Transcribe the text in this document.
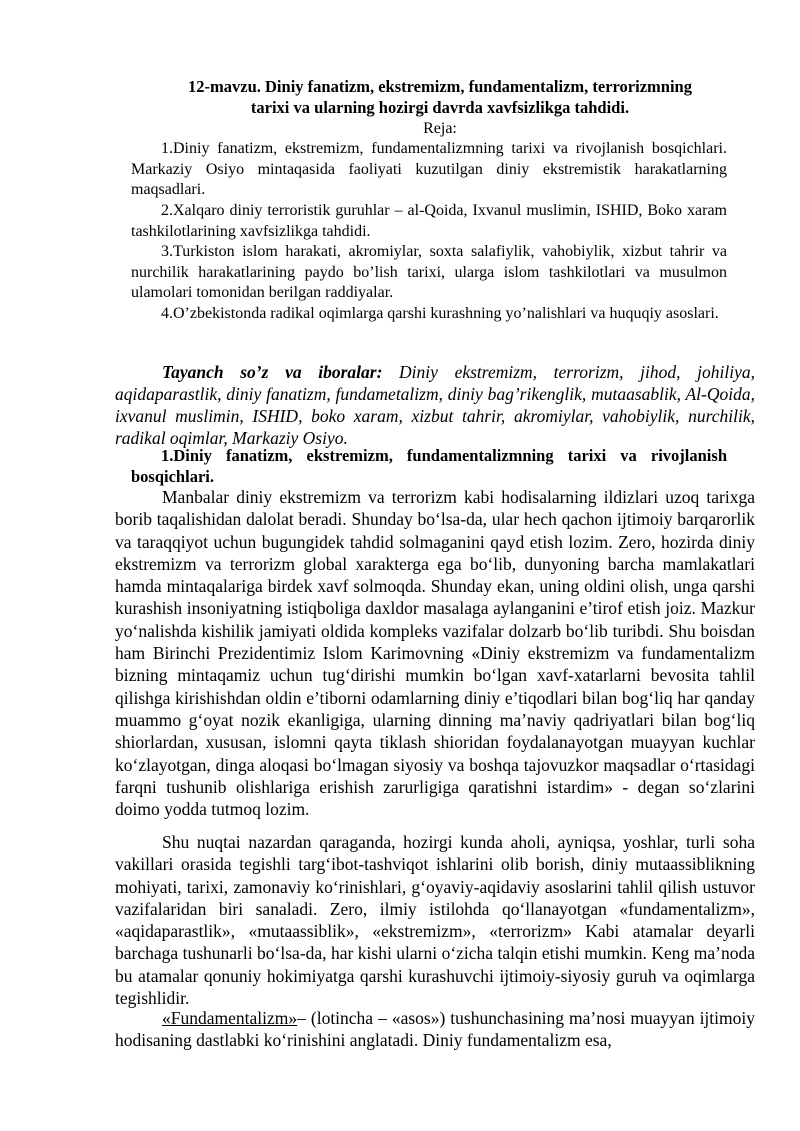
12-mavzu. Diniy fanatizm, ekstremizm, fundamentalizm, terrorizmning
tarixi va ularning hozirgi davrda xavfsizlikga tahdidi.
Reja:

1.Diniy fanatizm, ekstremizm, fundamentalizmning tarixi va rivojlanish bosqichlari. Markaziy Osiyo mintaqasida faoliyati kuzutilgan diniy ekstremistik harakatlarning maqsadlari.

2.Xalqaro diniy terroristik guruhlar – al-Qoida, Ixvanul muslimin, ISHID, Boko xaram tashkilotlarining xavfsizlikga tahdidi.

3.Turkiston islom harakati, akromiylar, soxta salafiylik, vahobiylik, xizbut tahrir va nurchilik harakatlarining paydo bo’lish tarixi, ularga islom tashkilotlari va musulmon ulamolari tomonidan berilgan raddiyalar.

4.O’zbekistonda radikal oqimlarga qarshi kurashning yo’nalishlari va huquqiy asoslari.

Tayanch so’z va iboralar: Diniy ekstremizm, terrorizm, jihod, johiliya, aqidaparastlik, diniy fanatizm, fundametalizm, diniy bag’rikenglik, mutaasablik, Al-Qoida, ixvanul muslimin, ISHID, boko xaram, xizbut tahrir, akromiylar, vahobiylik, nurchilik, radikal oqimlar, Markaziy Osiyo.

1.Diniy fanatizm, ekstremizm, fundamentalizmning tarixi va rivojlanish bosqichlari.

Manbalar diniy ekstremizm va terrorizm kabi hodisalarning ildizlari uzoq tarixga borib taqalishidan dalolat beradi. Shunday bo‘lsa-da, ular hech qachon ijtimoiy barqarorlik va taraqqiyot uchun bugungidek tahdid solmaganini qayd etish lozim. Zero, hozirda diniy ekstremizm va terrorizm global xarakterga ega bo‘lib, dunyoning barcha mamlakatlari hamda mintaqalariga birdek xavf solmoqda. Shunday ekan, uning oldini olish, unga qarshi kurashish insoniyatning istiqboliga daxldor masalaga aylanganini e’tirof etish joiz. Mazkur yo‘nalishda kishilik jamiyati oldida kompleks vazifalar dolzarb bo‘lib turibdi. Shu boisdan ham Birinchi Prezidentimiz Islom Karimovning «Diniy ekstremizm va fundamentalizm bizning mintaqamiz uchun tug‘dirishi mumkin bo‘lgan xavf-xatarlarni bevosita tahlil qilishga kirishishdan oldin e’tiborni odamlarning diniy e’tiqodlari bilan bog‘liq har qanday muammo g‘oyat nozik ekanligiga, ularning dinning ma’naviy qadriyatlari bilan bog‘liq shiorlardan, xususan, islomni qayta tiklash shioridan foydalanayotgan muayyan kuchlar ko‘zlayotgan, dinga aloqasi bo‘lmagan siyosiy va boshqa tajovuzkor maqsadlar o‘rtasidagi farqni tushunib olishlariga erishish zarurligiga qaratishni istardim» - degan so‘zlarini doimo yodda tutmoq lozim.

Shu nuqtai nazardan qaraganda, hozirgi kunda aholi, ayniqsa, yoshlar, turli soha vakillari orasida tegishli targ‘ibot-tashviqot ishlarini olib borish, diniy mutaassiblikning mohiyati, tarixi, zamonaviy ko‘rinishlari, g‘oyaviy-aqidaviy asoslarini tahlil qilish ustuvor vazifalaridan biri sanaladi. Zero, ilmiy istilohda qo‘llanayotgan «fundamentalizm», «aqidaparastlik», «mutaassiblik», «ekstremizm», «terrorizm» Kabi atamalar deyarli barchaga tushunarli bo‘lsa-da, har kishi ularni o‘zicha talqin etishi mumkin. Keng ma’noda bu atamalar qonuniy hokimiyatga qarshi kurashuvchi ijtimoiy-siyosiy guruh va oqimlarga tegishlidir.

«Fundamentalizm»– (lotincha – «asos») tushunchasining ma’nosi muayyan ijtimoiy hodisaning dastlabki ko‘rinishini anglatadi. Diniy fundamentalizm esa,
